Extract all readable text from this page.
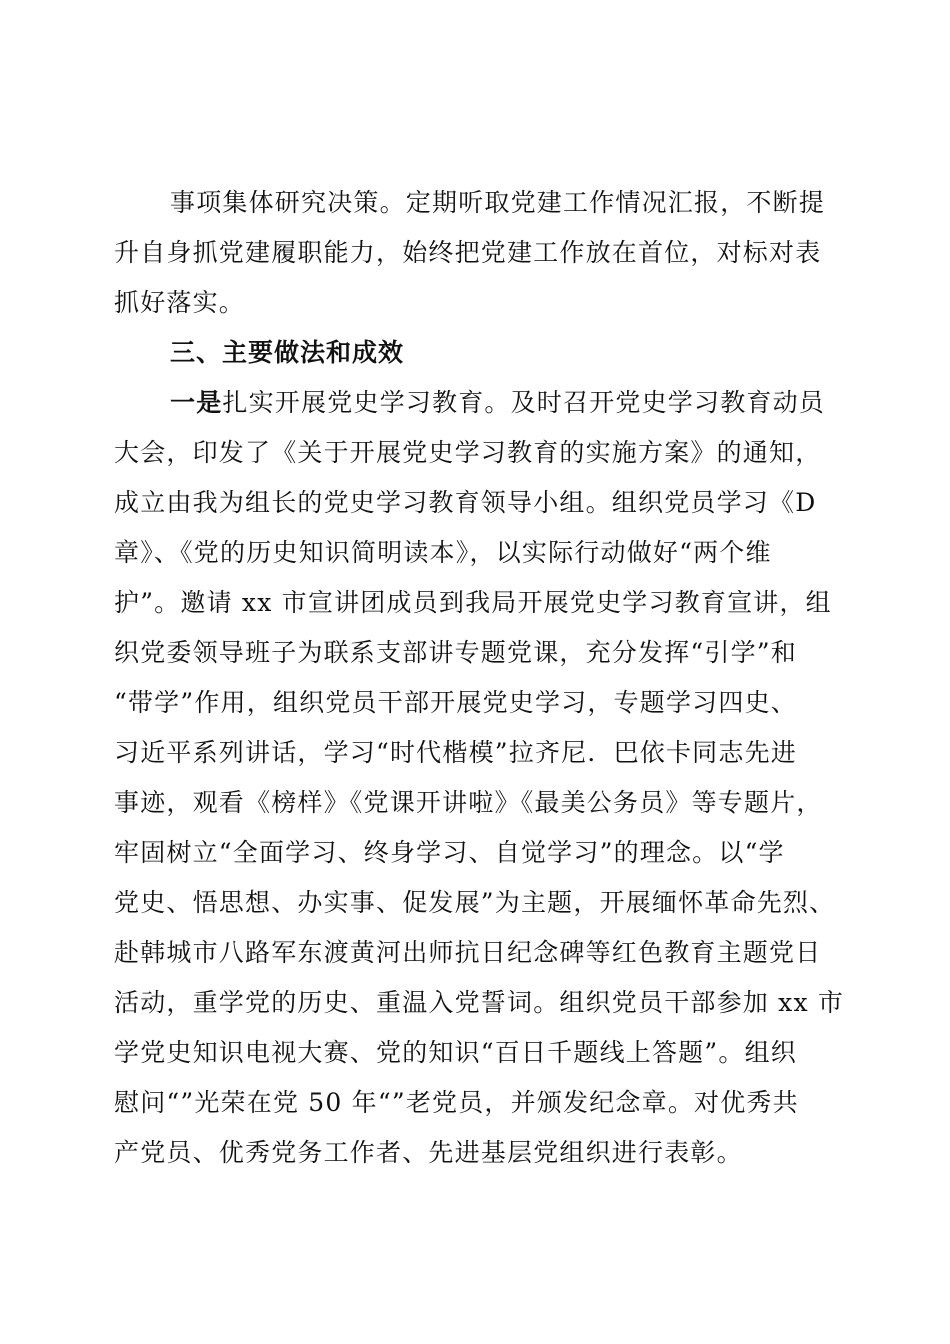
事项集体研究决策。定期听取党建工作情况汇报，不断提
升自身抓党建履职能力，始终把党建工作放在首位，对标对表
抓好落实。
三、主要做法和成效
一是扎实开展党史学习教育。及时召开党史学习教育动员
大会，印发了《关于开展党史学习教育的实施方案》的通知，
成立由我为组长的党史学习教育领导小组。组织党员学习《D
章》、《党的历史知识简明读本》，以实际行动做好“两个维
护”。邀请 xx 市宣讲团成员到我局开展党史学习教育宣讲，组
织党委领导班子为联系支部讲专题党课，充分发挥“引学”和
“带学”作用，组织党员干部开展党史学习，专题学习四史、
习近平系列讲话，学习“时代楷模”拉齐尼．巴依卡同志先进
事迹，观看《榜样》《党课开讲啦》《最美公务员》等专题片，
牢固树立“全面学习、终身学习、自觉学习”的理念。以“学
党史、悟思想、办实事、促发展”为主题，开展缅怀革命先烈、
赴韩城市八路军东渡黄河出师抗日纪念碑等红色教育主题党日
活动，重学党的历史、重温入党誓词。组织党员干部参加 xx 市
学党史知识电视大赛、党的知识“百日千题线上答题”。组织
慰问“”光荣在党 50 年“”老党员，并颁发纪念章。对优秀共
产党员、优秀党务工作者、先进基层党组织进行表彰。
